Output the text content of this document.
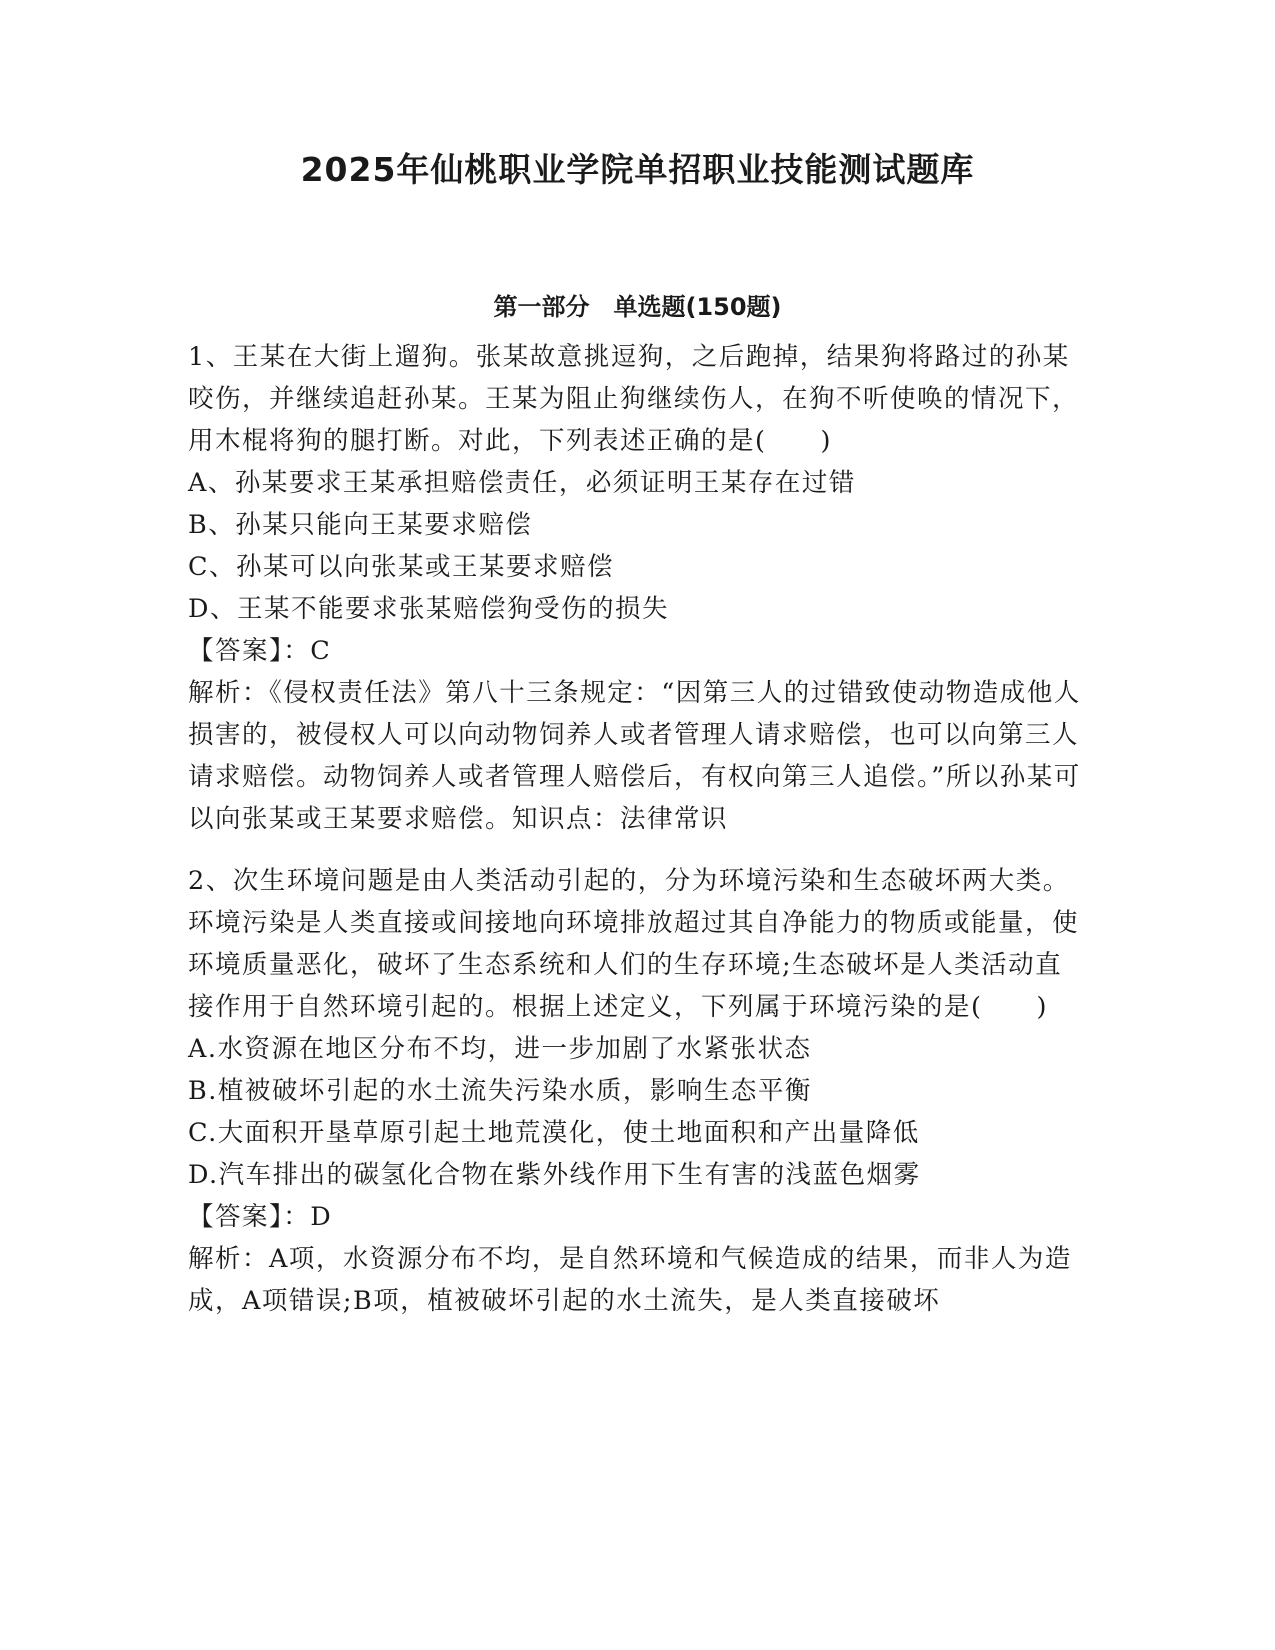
2025年仙桃职业学院单招职业技能测试题库
第一部分　单选题(150题)

1、王某在大街上遛狗。张某故意挑逗狗，之后跑掉，结果狗将路过的孙某咬伤，并继续追赶孙某。王某为阻止狗继续伤人，在狗不听使唤的情况下，用木棍将狗的腿打断。对此，下列表述正确的是(　　)

A、孙某要求王某承担赔偿责任，必须证明王某存在过错

B、孙某只能向王某要求赔偿

C、孙某可以向张某或王某要求赔偿

D、王某不能要求张某赔偿狗受伤的损失

【答案】：C

解析：《侵权责任法》第八十三条规定：“因第三人的过错致使动物造成他人损害的，被侵权人可以向动物饲养人或者管理人请求赔偿，也可以向第三人请求赔偿。动物饲养人或者管理人赔偿后，有权向第三人追偿。”所以孙某可以向张某或王某要求赔偿。知识点：法律常识

2、次生环境问题是由人类活动引起的，分为环境污染和生态破坏两大类。环境污染是人类直接或间接地向环境排放超过其自净能力的物质或能量，使环境质量恶化，破坏了生态系统和人们的生存环境;生态破坏是人类活动直接作用于自然环境引起的。根据上述定义，下列属于环境污染的是(　　)

A.水资源在地区分布不均，进一步加剧了水紧张状态

B.植被破坏引起的水土流失污染水质，影响生态平衡

C.大面积开垦草原引起土地荒漠化，使土地面积和产出量降低

D.汽车排出的碳氢化合物在紫外线作用下生有害的浅蓝色烟雾

【答案】：D

解析：A项，水资源分布不均，是自然环境和气候造成的结果，而非人为造成，A项错误;B项，植被破坏引起的水土流失，是人类直接破坏
